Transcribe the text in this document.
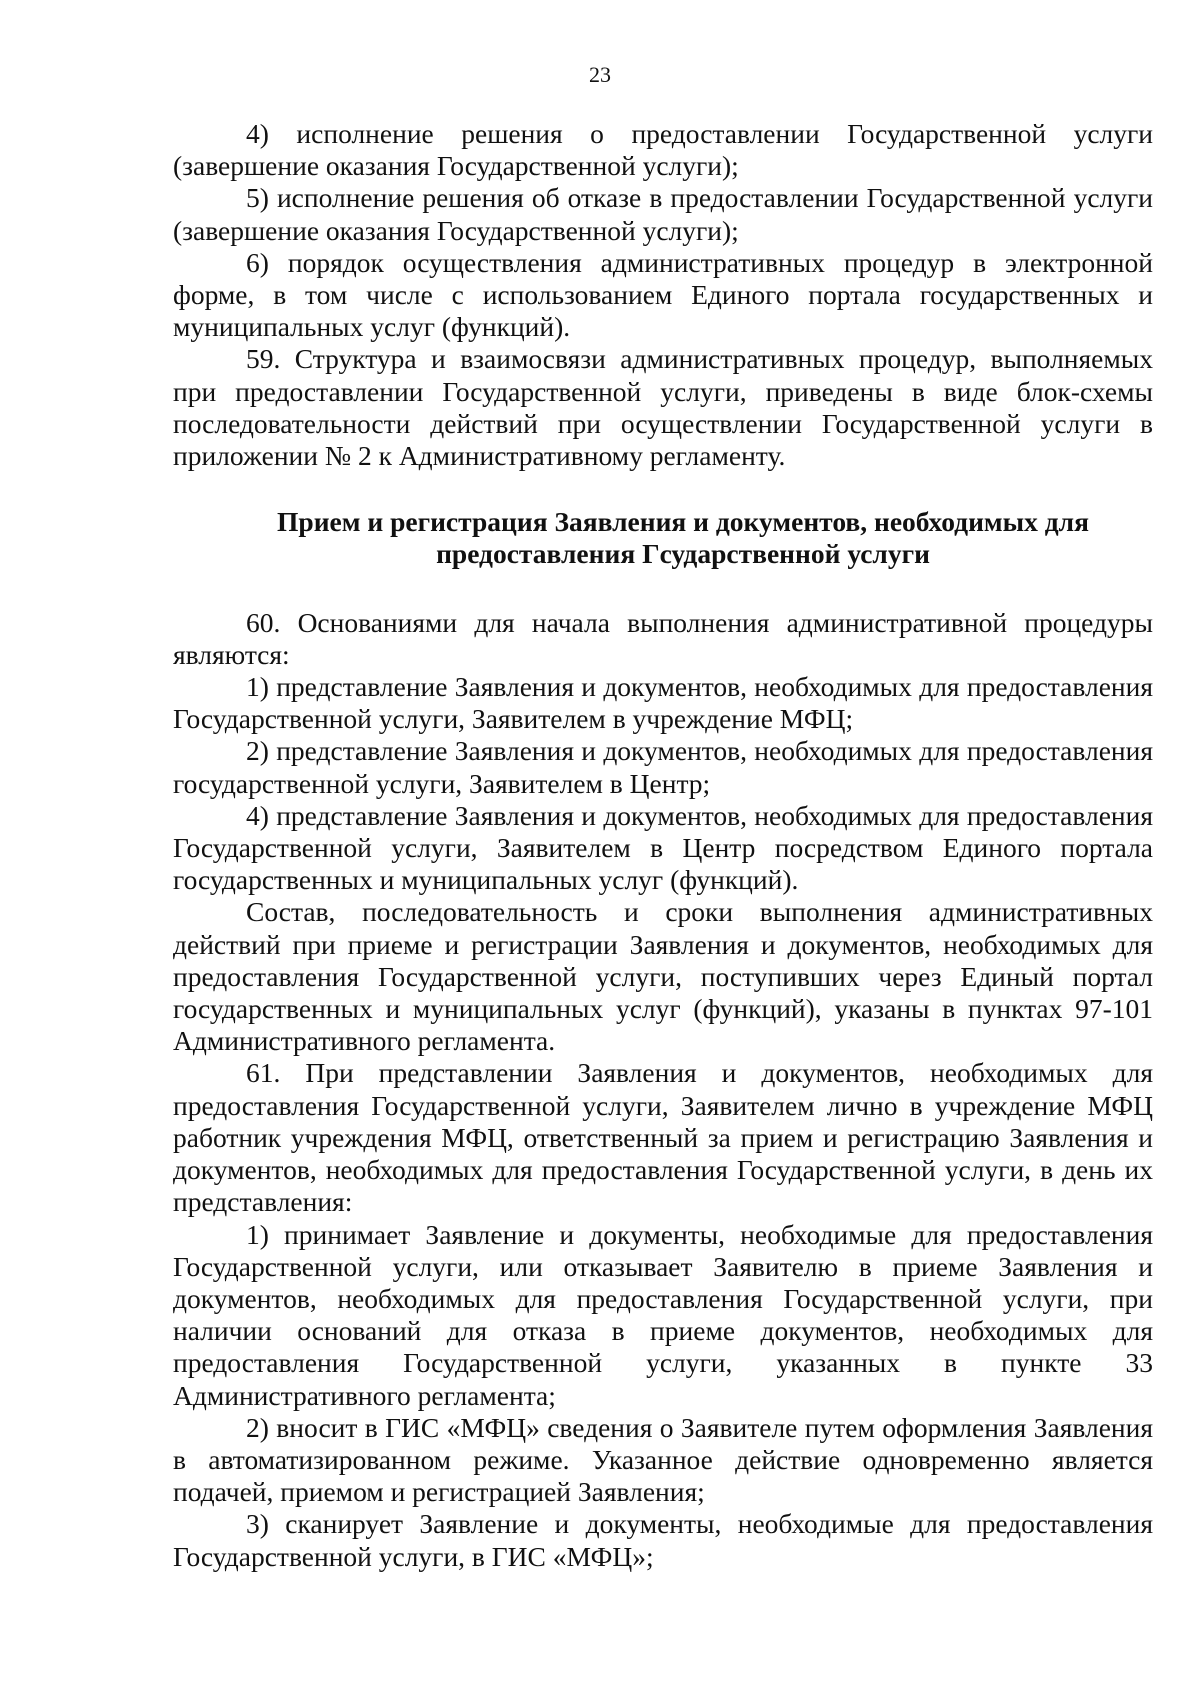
23

4) исполнение решения о предоставлении Государственной услуги (завершение оказания Государственной услуги);

5) исполнение решения об отказе в предоставлении Государственной услуги (завершение оказания Государственной услуги);

6) порядок осуществления административных процедур в электронной форме, в том числе с использованием Единого портала государственных и муниципальных услуг (функций).

59. Структура и взаимосвязи административных процедур, выполняемых при предоставлении Государственной услуги, приведены в виде блок-схемы последовательности действий при осуществлении Государственной услуги в приложении № 2 к Административному регламенту.

Прием и регистрация Заявления и документов, необходимых для
предоставления Гсударственной услуги

60. Основаниями для начала выполнения административной процедуры являются:

1) представление Заявления и документов, необходимых для предоставления Государственной услуги, Заявителем в учреждение МФЦ;

2) представление Заявления и документов, необходимых для предоставления государственной услуги, Заявителем в Центр;

4) представление Заявления и документов, необходимых для предоставления Государственной услуги, Заявителем в Центр посредством Единого портала государственных и муниципальных услуг (функций).

Состав, последовательность и сроки выполнения административных действий при приеме и регистрации Заявления и документов, необходимых для предоставления Государственной услуги, поступивших через Единый портал государственных и муниципальных услуг (функций), указаны в пунктах 97-101 Административного регламента.

61. При представлении Заявления и документов, необходимых для предоставления Государственной услуги, Заявителем лично в учреждение МФЦ работник учреждения МФЦ, ответственный за прием и регистрацию Заявления и документов, необходимых для предоставления Государственной услуги, в день их представления:

1) принимает Заявление и документы, необходимые для предоставления Государственной услуги, или отказывает Заявителю в приеме Заявления и документов, необходимых для предоставления Государственной услуги, при наличии оснований для отказа в приеме документов, необходимых для предоставления Государственной услуги, указанных в пункте 33 Административного регламента;

2) вносит в ГИС «МФЦ» сведения о Заявителе путем оформления Заявления в автоматизированном режиме. Указанное действие одновременно является подачей, приемом и регистрацией Заявления;

3) сканирует Заявление и документы, необходимые для предоставления Государственной услуги, в ГИС «МФЦ»;
